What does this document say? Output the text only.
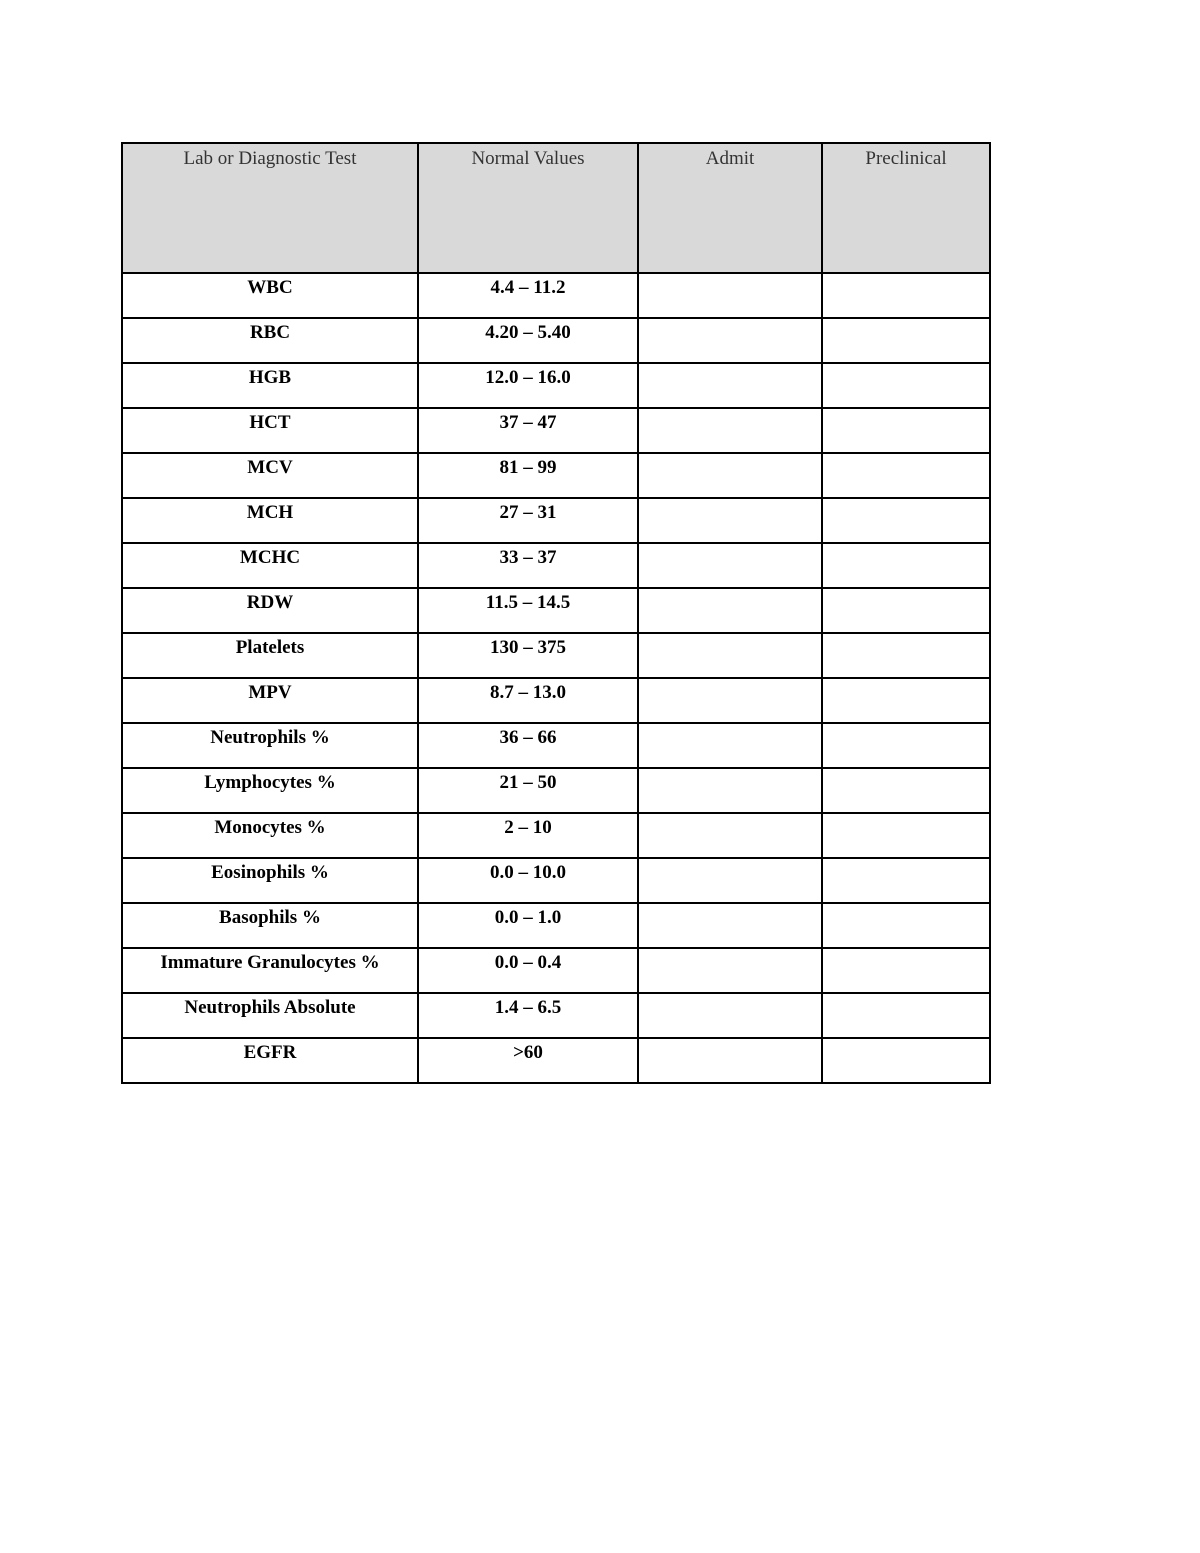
Lab or Diagnostic Test	Normal Values	Admit	Preclinical
WBC	4.4 – 11.2		
RBC	4.20 – 5.40		
HGB	12.0 – 16.0		
HCT	37 – 47		
MCV	81 – 99		
MCH	27 – 31		
MCHC	33 – 37		
RDW	11.5 – 14.5		
Platelets	130 – 375		
MPV	8.7 – 13.0		
Neutrophils %	36 – 66		
Lymphocytes %	21 – 50		
Monocytes %	2 – 10		
Eosinophils %	0.0 – 10.0		
Basophils %	0.0 – 1.0		
Immature Granulocytes %	0.0 – 0.4		
Neutrophils Absolute	1.4 – 6.5		
EGFR	>60		
